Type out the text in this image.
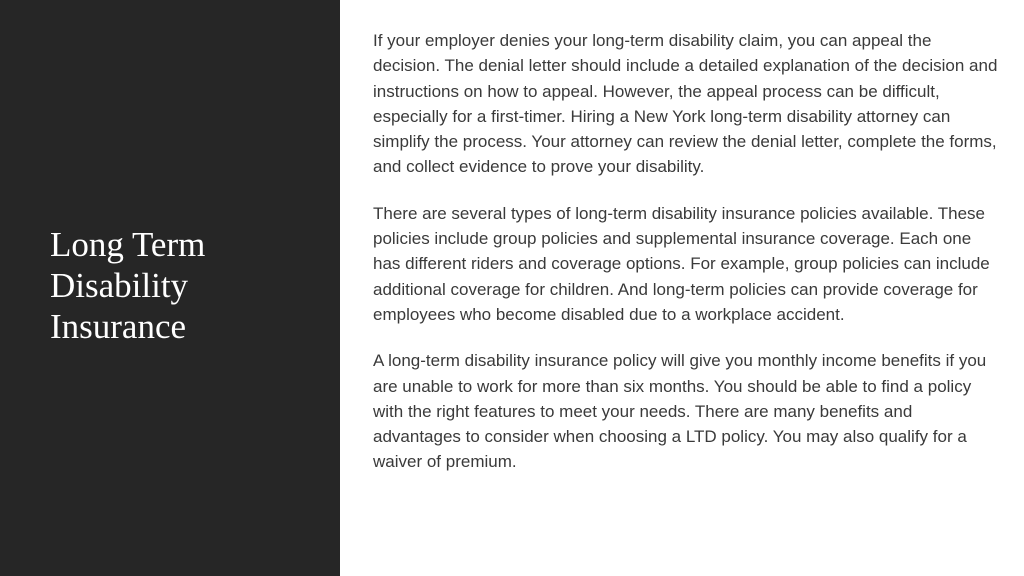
Long Term
Disability
Insurance

If your employer denies your long-term disability claim, you can appeal the decision. The denial letter should include a detailed explanation of the decision and instructions on how to appeal. However, the appeal process can be difficult, especially for a first-timer. Hiring a New York long-term disability attorney can simplify the process. Your attorney can review the denial letter, complete the forms, and collect evidence to prove your disability.

There are several types of long-term disability insurance policies available. These policies include group policies and supplemental insurance coverage. Each one has different riders and coverage options. For example, group policies can include additional coverage for children. And long-term policies can provide coverage for employees who become disabled due to a workplace accident.

A long-term disability insurance policy will give you monthly income benefits if you are unable to work for more than six months. You should be able to find a policy with the right features to meet your needs. There are many benefits and advantages to consider when choosing a LTD policy. You may also qualify for a waiver of premium.
